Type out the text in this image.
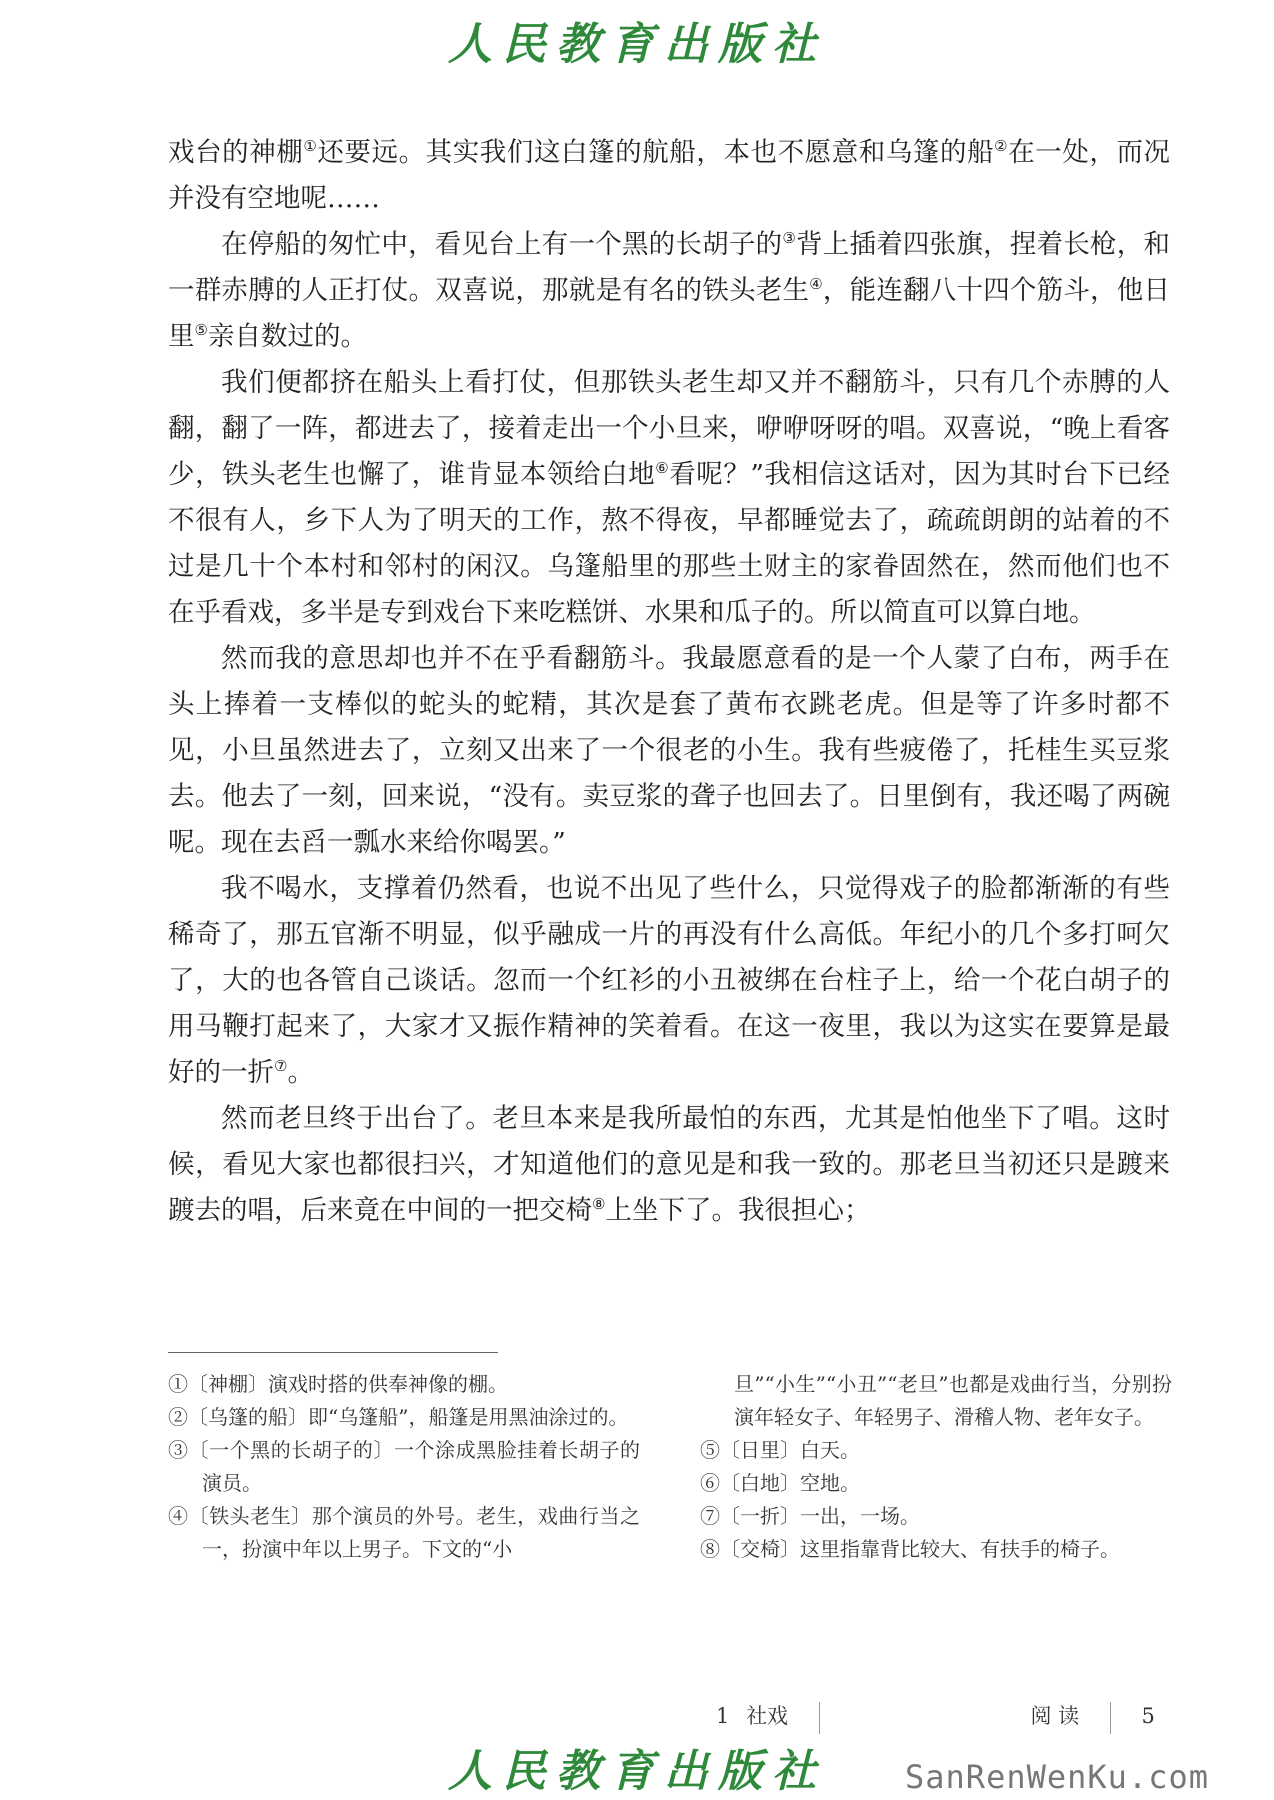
人民教育出版社

戏台的神棚①还要远。其实我们这白篷的航船，本也不愿意和乌篷的船②在一处，而况并没有空地呢……

在停船的匆忙中，看见台上有一个黑的长胡子的③背上插着四张旗，捏着长枪，和一群赤膊的人正打仗。双喜说，那就是有名的铁头老生④，能连翻八十四个筋斗，他日里⑤亲自数过的。

我们便都挤在船头上看打仗，但那铁头老生却又并不翻筋斗，只有几个赤膊的人翻，翻了一阵，都进去了，接着走出一个小旦来，咿咿呀呀的唱。双喜说，“晚上看客少，铁头老生也懈了，谁肯显本领给白地⑥看呢？”我相信这话对，因为其时台下已经不很有人，乡下人为了明天的工作，熬不得夜，早都睡觉去了，疏疏朗朗的站着的不过是几十个本村和邻村的闲汉。乌篷船里的那些土财主的家眷固然在，然而他们也不在乎看戏，多半是专到戏台下来吃糕饼、水果和瓜子的。所以简直可以算白地。

然而我的意思却也并不在乎看翻筋斗。我最愿意看的是一个人蒙了白布，两手在头上捧着一支棒似的蛇头的蛇精，其次是套了黄布衣跳老虎。但是等了许多时都不见，小旦虽然进去了，立刻又出来了一个很老的小生。我有些疲倦了，托桂生买豆浆去。他去了一刻，回来说，“没有。卖豆浆的聋子也回去了。日里倒有，我还喝了两碗呢。现在去舀一瓢水来给你喝罢。”

我不喝水，支撑着仍然看，也说不出见了些什么，只觉得戏子的脸都渐渐的有些稀奇了，那五官渐不明显，似乎融成一片的再没有什么高低。年纪小的几个多打呵欠了，大的也各管自己谈话。忽而一个红衫的小丑被绑在台柱子上，给一个花白胡子的用马鞭打起来了，大家才又振作精神的笑着看。在这一夜里，我以为这实在要算是最好的一折⑦。

然而老旦终于出台了。老旦本来是我所最怕的东西，尤其是怕他坐下了唱。这时候，看见大家也都很扫兴，才知道他们的意见是和我一致的。那老旦当初还只是踱来踱去的唱，后来竟在中间的一把交椅⑧上坐下了。我很担心；

①〔神棚〕演戏时搭的供奉神像的棚。
②〔乌篷的船〕即“乌篷船”，船篷是用黑油涂过的。
③〔一个黑的长胡子的〕一个涂成黑脸挂着长胡子的演员。
④〔铁头老生〕那个演员的外号。老生，戏曲行当之一，扮演中年以上男子。下文的“小
旦”“小生”“小丑”“老旦”也都是戏曲行当，分别扮演年轻女子、年轻男子、滑稽人物、老年女子。
⑤〔日里〕白天。
⑥〔白地〕空地。
⑦〔一折〕一出，一场。
⑧〔交椅〕这里指靠背比较大、有扶手的椅子。
1 社戏	阅 读	5
人民教育出版社	SanRenWenKu.com
